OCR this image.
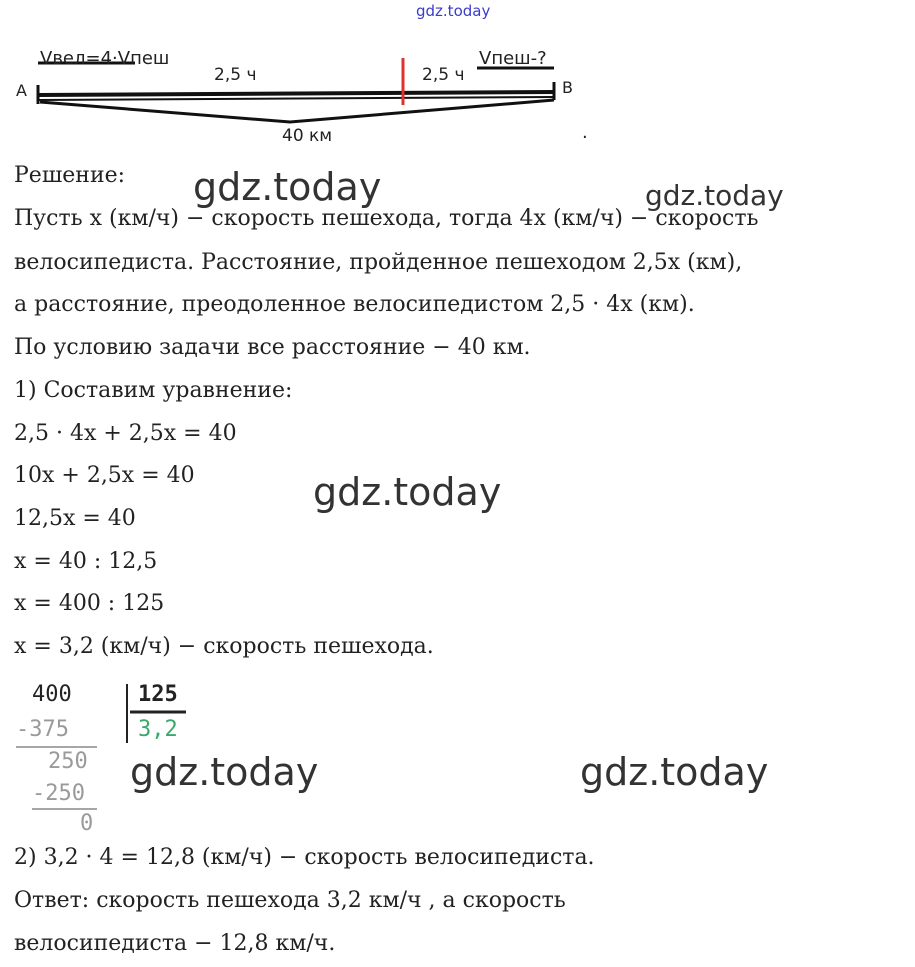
gdz.today
A	B
Vвел=4·Vпеш	Vпеш-?
2,5 ч	2,5 ч
40 км	.
Решение:
Пусть x (км/ч) − скорость пешехода, тогда 4x (км/ч) − скорость
велосипедиста. Расстояние, пройденное пешеходом 2,5x (км),
а расстояние, преодоленное велосипедистом 2,5 · 4x (км).
По условию задачи все расстояние − 40 км.
1) Составим уравнение:
2,5 · 4x + 2,5x = 40
10x + 2,5x = 40
12,5x = 40
x = 40 : 12,5
x = 400 : 125
x = 3,2 (км/ч) − скорость пешехода.
400	125
3,2
-375
250
-250
0
2) 3,2 · 4 = 12,8 (км/ч) − скорость велосипедиста.
Ответ: скорость пешехода 3,2 км/ч , а скорость
велосипедиста − 12,8 км/ч.
gdz.today	gdz.today
gdz.today
gdz.today	gdz.today
